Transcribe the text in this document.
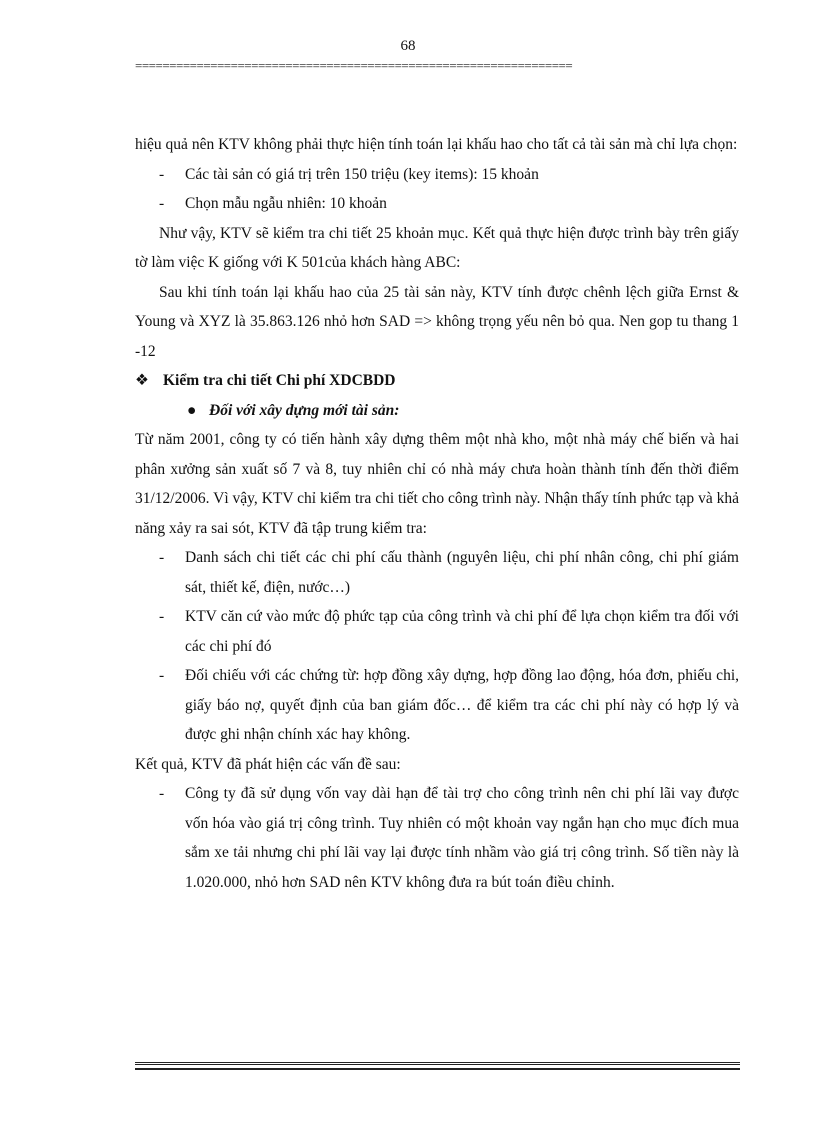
68
================================================================

hiệu quả nên KTV không phải thực hiện tính toán lại khấu hao cho tất cả tài sản mà chỉ lựa chọn:

- Các tài sản có giá trị trên 150 triệu (key items): 15 khoản

- Chọn mẫu ngẫu nhiên: 10 khoản

Như vậy, KTV sẽ kiểm tra chi tiết 25 khoản mục. Kết quả thực hiện được trình bày trên giấy tờ làm việc K giống với K 501của khách hàng ABC:

Sau khi tính toán lại khấu hao của 25 tài sản này, KTV tính được chênh lệch giữa Ernst & Young và XYZ là 35.863.126 nhỏ hơn SAD => không trọng yếu nên bỏ qua. Nen gop tu thang 1 -12

❖ Kiểm tra chi tiết Chi phí XDCBDD

● Đối với xây dựng mới tài sản:

Từ năm 2001, công ty có tiến hành xây dựng thêm một nhà kho, một nhà máy chế biến và hai phân xưởng sản xuất số 7 và 8, tuy nhiên chỉ có nhà máy chưa hoàn thành tính đến thời điểm 31/12/2006. Vì vậy, KTV chỉ kiểm tra chi tiết cho công trình này. Nhận thấy tính phức tạp và khả năng xảy ra sai sót, KTV đã tập trung kiểm tra:

- Danh sách chi tiết các chi phí cấu thành (nguyên liệu, chi phí nhân công, chi phí giám sát, thiết kế, điện, nước…)

- KTV căn cứ vào mức độ phức tạp của công trình và chi phí để lựa chọn kiểm tra đối với các chi phí đó

- Đối chiếu với các chứng từ: hợp đồng xây dựng, hợp đồng lao động, hóa đơn, phiếu chi, giấy báo nợ, quyết định của ban giám đốc… để kiểm tra các chi phí này có hợp lý và được ghi nhận chính xác hay không.

Kết quả, KTV đã phát hiện các vấn đề sau:

- Công ty đã sử dụng vốn vay dài hạn để tài trợ cho công trình nên chi phí lãi vay được vốn hóa vào giá trị công trình. Tuy nhiên có một khoản vay ngắn hạn cho mục đích mua sắm xe tải nhưng chi phí lãi vay lại được tính nhầm vào giá trị công trình. Số tiền này là 1.020.000, nhỏ hơn SAD nên KTV không đưa ra bút toán điều chỉnh.
